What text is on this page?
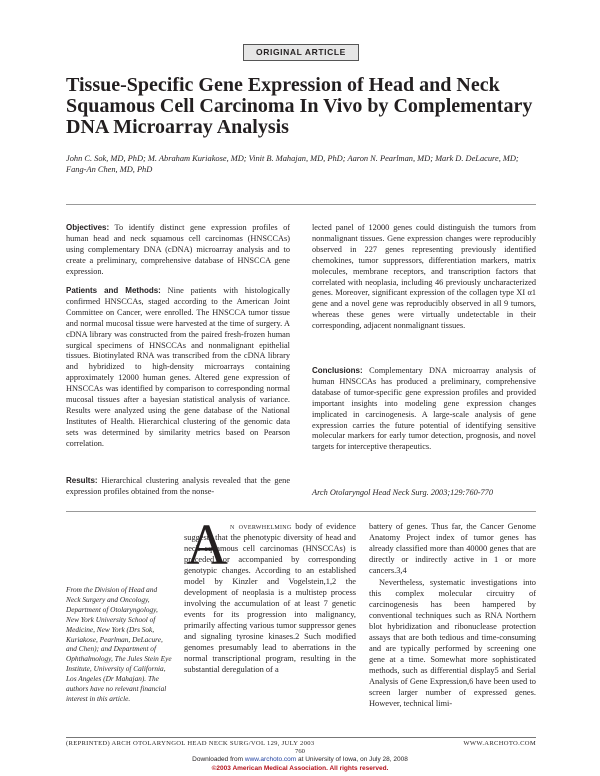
ORIGINAL ARTICLE
Tissue-Specific Gene Expression of Head and Neck Squamous Cell Carcinoma In Vivo by Complementary DNA Microarray Analysis

John C. Sok, MD, PhD; M. Abraham Kuriakose, MD; Vinit B. Mahajan, MD, PhD; Aaron N. Pearlman, MD; Mark D. DeLacure, MD; Fang-An Chen, MD, PhD

Objectives: To identify distinct gene expression profiles of human head and neck squamous cell carcinomas (HNSCCAs) using complementary DNA (cDNA) microarray analysis and to create a preliminary, comprehensive database of HNSCCA gene expression.

Patients and Methods: Nine patients with histologically confirmed HNSCCAs, staged according to the American Joint Committee on Cancer, were enrolled. The HNSCCA tumor tissue and normal mucosal tissue were harvested at the time of surgery. A cDNA library was constructed from the paired fresh-frozen human surgical specimens of HNSCCAs and nonmalignant epithelial tissues. Biotinylated RNA was transcribed from the cDNA library and hybridized to high-density microarrays containing approximately 12000 human genes. Altered gene expression of HNSCCAs was identified by comparison to corresponding normal mucosal tissues after a bayesian statistical analysis of variance. Results were analyzed using the gene database of the National Institutes of Health. Hierarchical clustering of the genomic data sets was determined by similarity metrics based on Pearson correlation.

Results: Hierarchical clustering analysis revealed that the gene expression profiles obtained from the nonse-

lected panel of 12000 genes could distinguish the tumors from nonmalignant tissues. Gene expression changes were reproducibly observed in 227 genes representing previously identified chemokines, tumor suppressors, differentiation markers, matrix molecules, membrane receptors, and transcription factors that correlated with neoplasia, including 46 previously uncharacterized genes. Moreover, significant expression of the collagen type XI α1 gene and a novel gene was reproducibly observed in all 9 tumors, whereas these genes were virtually undetectable in their corresponding, adjacent nonmalignant tissues.

Conclusions: Complementary DNA microarray analysis of human HNSCCAs has produced a preliminary, comprehensive database of tumor-specific gene expression profiles and provided important insights into modeling gene expression changes implicated in carcinogenesis. A large-scale analysis of gene expression carries the future potential of identifying sensitive molecular markers for early tumor detection, prognosis, and novel targets for interceptive therapeutics.

Arch Otolaryngol Head Neck Surg. 2003;129:760-770

From the Division of Head and Neck Surgery and Oncology, Department of Otolaryngology, New York University School of Medicine, New York (Drs Sok, Kuriakose, Pearlman, DeLacure, and Chen); and Department of Ophthalmology, The Jules Stein Eye Institute, University of California, Los Angeles (Dr Mahajan). The authors have no relevant financial interest in this article.

A n overwhelming body of evidence suggests that the phenotypic diversity of head and neck squamous cell carcinomas (HNSCCAs) is preceded or accompanied by corresponding genotypic changes. According to an established model by Kinzler and Vogelstein,1,2 the development of neoplasia is a multistep process involving the accumulation of at least 7 genetic events for its progression into malignancy, primarily affecting various tumor suppressor genes and signaling tyrosine kinases.2 Such modified genomes presumably lead to aberrations in the normal transcriptional program, resulting in the substantial deregulation of a

battery of genes. Thus far, the Cancer Genome Anatomy Project index of tumor genes has already classified more than 40000 genes that are directly or indirectly active in 1 or more cancers.3,4

Nevertheless, systematic investigations into this complex molecular circuitry of carcinogenesis has been hampered by conventional techniques such as RNA Northern blot hybridization and ribonuclease protection assays that are both tedious and time-consuming and are typically performed by screening one gene at a time. Somewhat more sophisticated methods, such as differential display5 and Serial Analysis of Gene Expression,6 have been used to screen larger number of expressed genes. However, technical limi-

(REPRINTED) ARCH OTOLARYNGOL HEAD NECK SURG/VOL 129, JULY 2003	WWW.ARCHOTO.COM
760
Downloaded from www.archoto.com at University of Iowa, on July 28, 2008
©2003 American Medical Association. All rights reserved.
